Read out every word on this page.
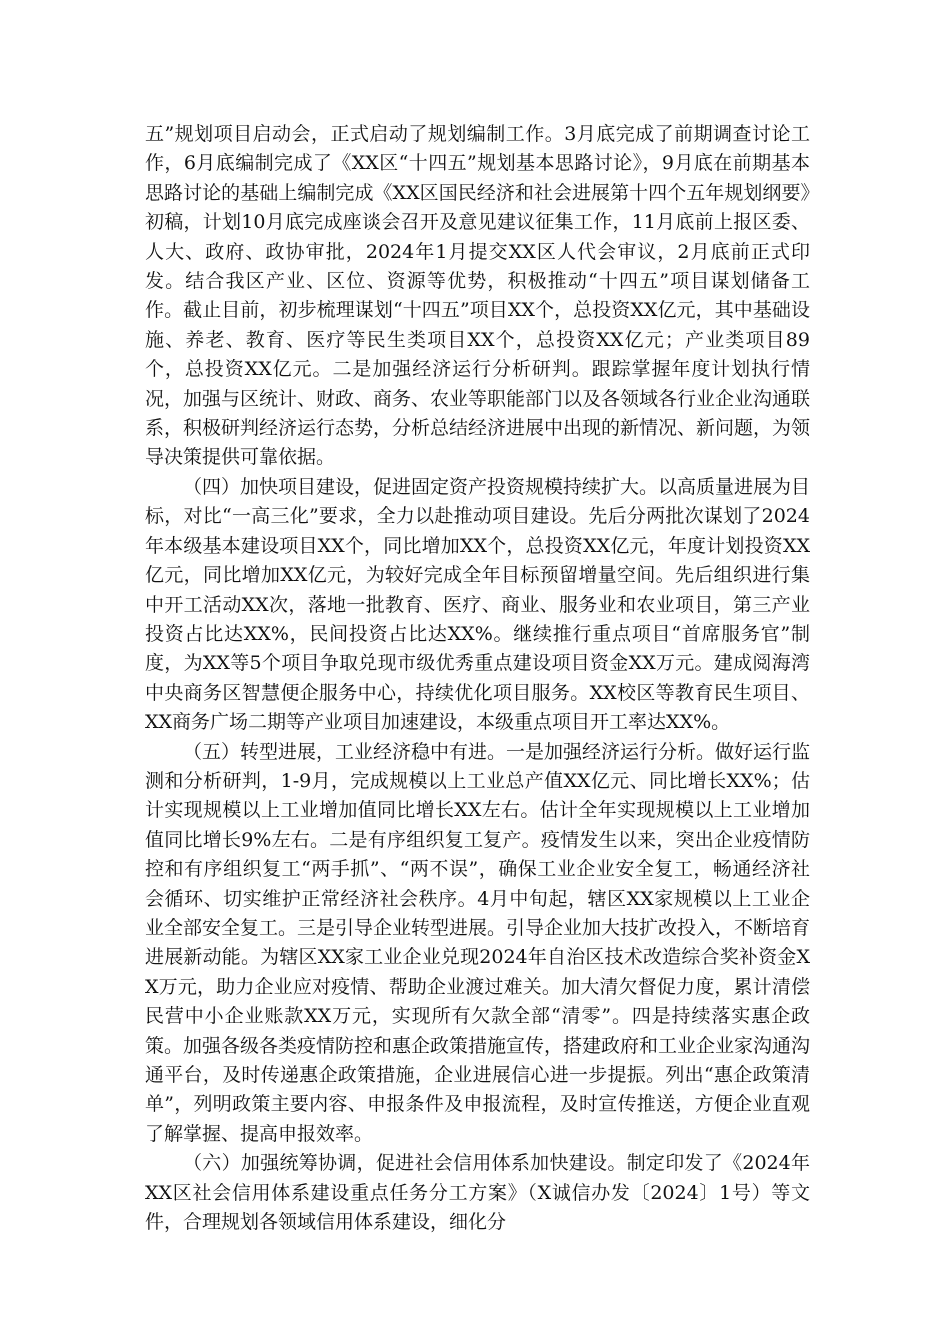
五”规划项目启动会，正式启动了规划编制工作。3月底完成了前期调查讨论工作，6月底编制完成了《XX区“十四五”规划基本思路讨论》，9月底在前期基本思路讨论的基础上编制完成《XX区国民经济和社会进展第十四个五年规划纲要》初稿，计划10月底完成座谈会召开及意见建议征集工作，11月底前上报区委、人大、政府、政协审批，2024年1月提交XX区人代会审议，2月底前正式印发。结合我区产业、区位、资源等优势，积极推动“十四五”项目谋划储备工作。截止目前，初步梳理谋划“十四五”项目XX个，总投资XX亿元，其中基础设施、养老、教育、医疗等民生类项目XX个，总投资XX亿元；产业类项目89个，总投资XX亿元。二是加强经济运行分析研判。跟踪掌握年度计划执行情况，加强与区统计、财政、商务、农业等职能部门以及各领域各行业企业沟通联系，积极研判经济运行态势，分析总结经济进展中出现的新情况、新问题，为领导决策提供可靠依据。

（四）加快项目建设，促进固定资产投资规模持续扩大。以高质量进展为目标，对比“一高三化”要求，全力以赴推动项目建设。先后分两批次谋划了2024年本级基本建设项目XX个，同比增加XX个，总投资XX亿元，年度计划投资XX亿元，同比增加XX亿元，为较好完成全年目标预留增量空间。先后组织进行集中开工活动XX次，落地一批教育、医疗、商业、服务业和农业项目，第三产业投资占比达XX%，民间投资占比达XX%。继续推行重点项目“首席服务官”制度，为XX等5个项目争取兑现市级优秀重点建设项目资金XX万元。建成阅海湾中央商务区智慧便企服务中心，持续优化项目服务。XX校区等教育民生项目、XX商务广场二期等产业项目加速建设，本级重点项目开工率达XX%。

（五）转型进展，工业经济稳中有进。一是加强经济运行分析。做好运行监测和分析研判，1-9月，完成规模以上工业总产值XX亿元、同比增长XX%；估计实现规模以上工业增加值同比增长XX左右。估计全年实现规模以上工业增加值同比增长9%左右。二是有序组织复工复产。疫情发生以来，突出企业疫情防控和有序组织复工“两手抓”、“两不误”，确保工业企业安全复工，畅通经济社会循环、切实维护正常经济社会秩序。4月中旬起，辖区XX家规模以上工业企业全部安全复工。三是引导企业转型进展。引导企业加大技扩改投入，不断培育进展新动能。为辖区XX家工业企业兑现2024年自治区技术改造综合奖补资金XX万元，助力企业应对疫情、帮助企业渡过难关。加大清欠督促力度，累计清偿民营中小企业账款XX万元，实现所有欠款全部“清零”。四是持续落实惠企政策。加强各级各类疫情防控和惠企政策措施宣传，搭建政府和工业企业家沟通沟通平台，及时传递惠企政策措施，企业进展信心进一步提振。列出“惠企政策清单”，列明政策主要内容、申报条件及申报流程，及时宣传推送，方便企业直观了解掌握、提高申报效率。

（六）加强统筹协调，促进社会信用体系加快建设。制定印发了《2024年XX区社会信用体系建设重点任务分工方案》（X诚信办发〔2024〕1号）等文件，合理规划各领域信用体系建设，细化分
